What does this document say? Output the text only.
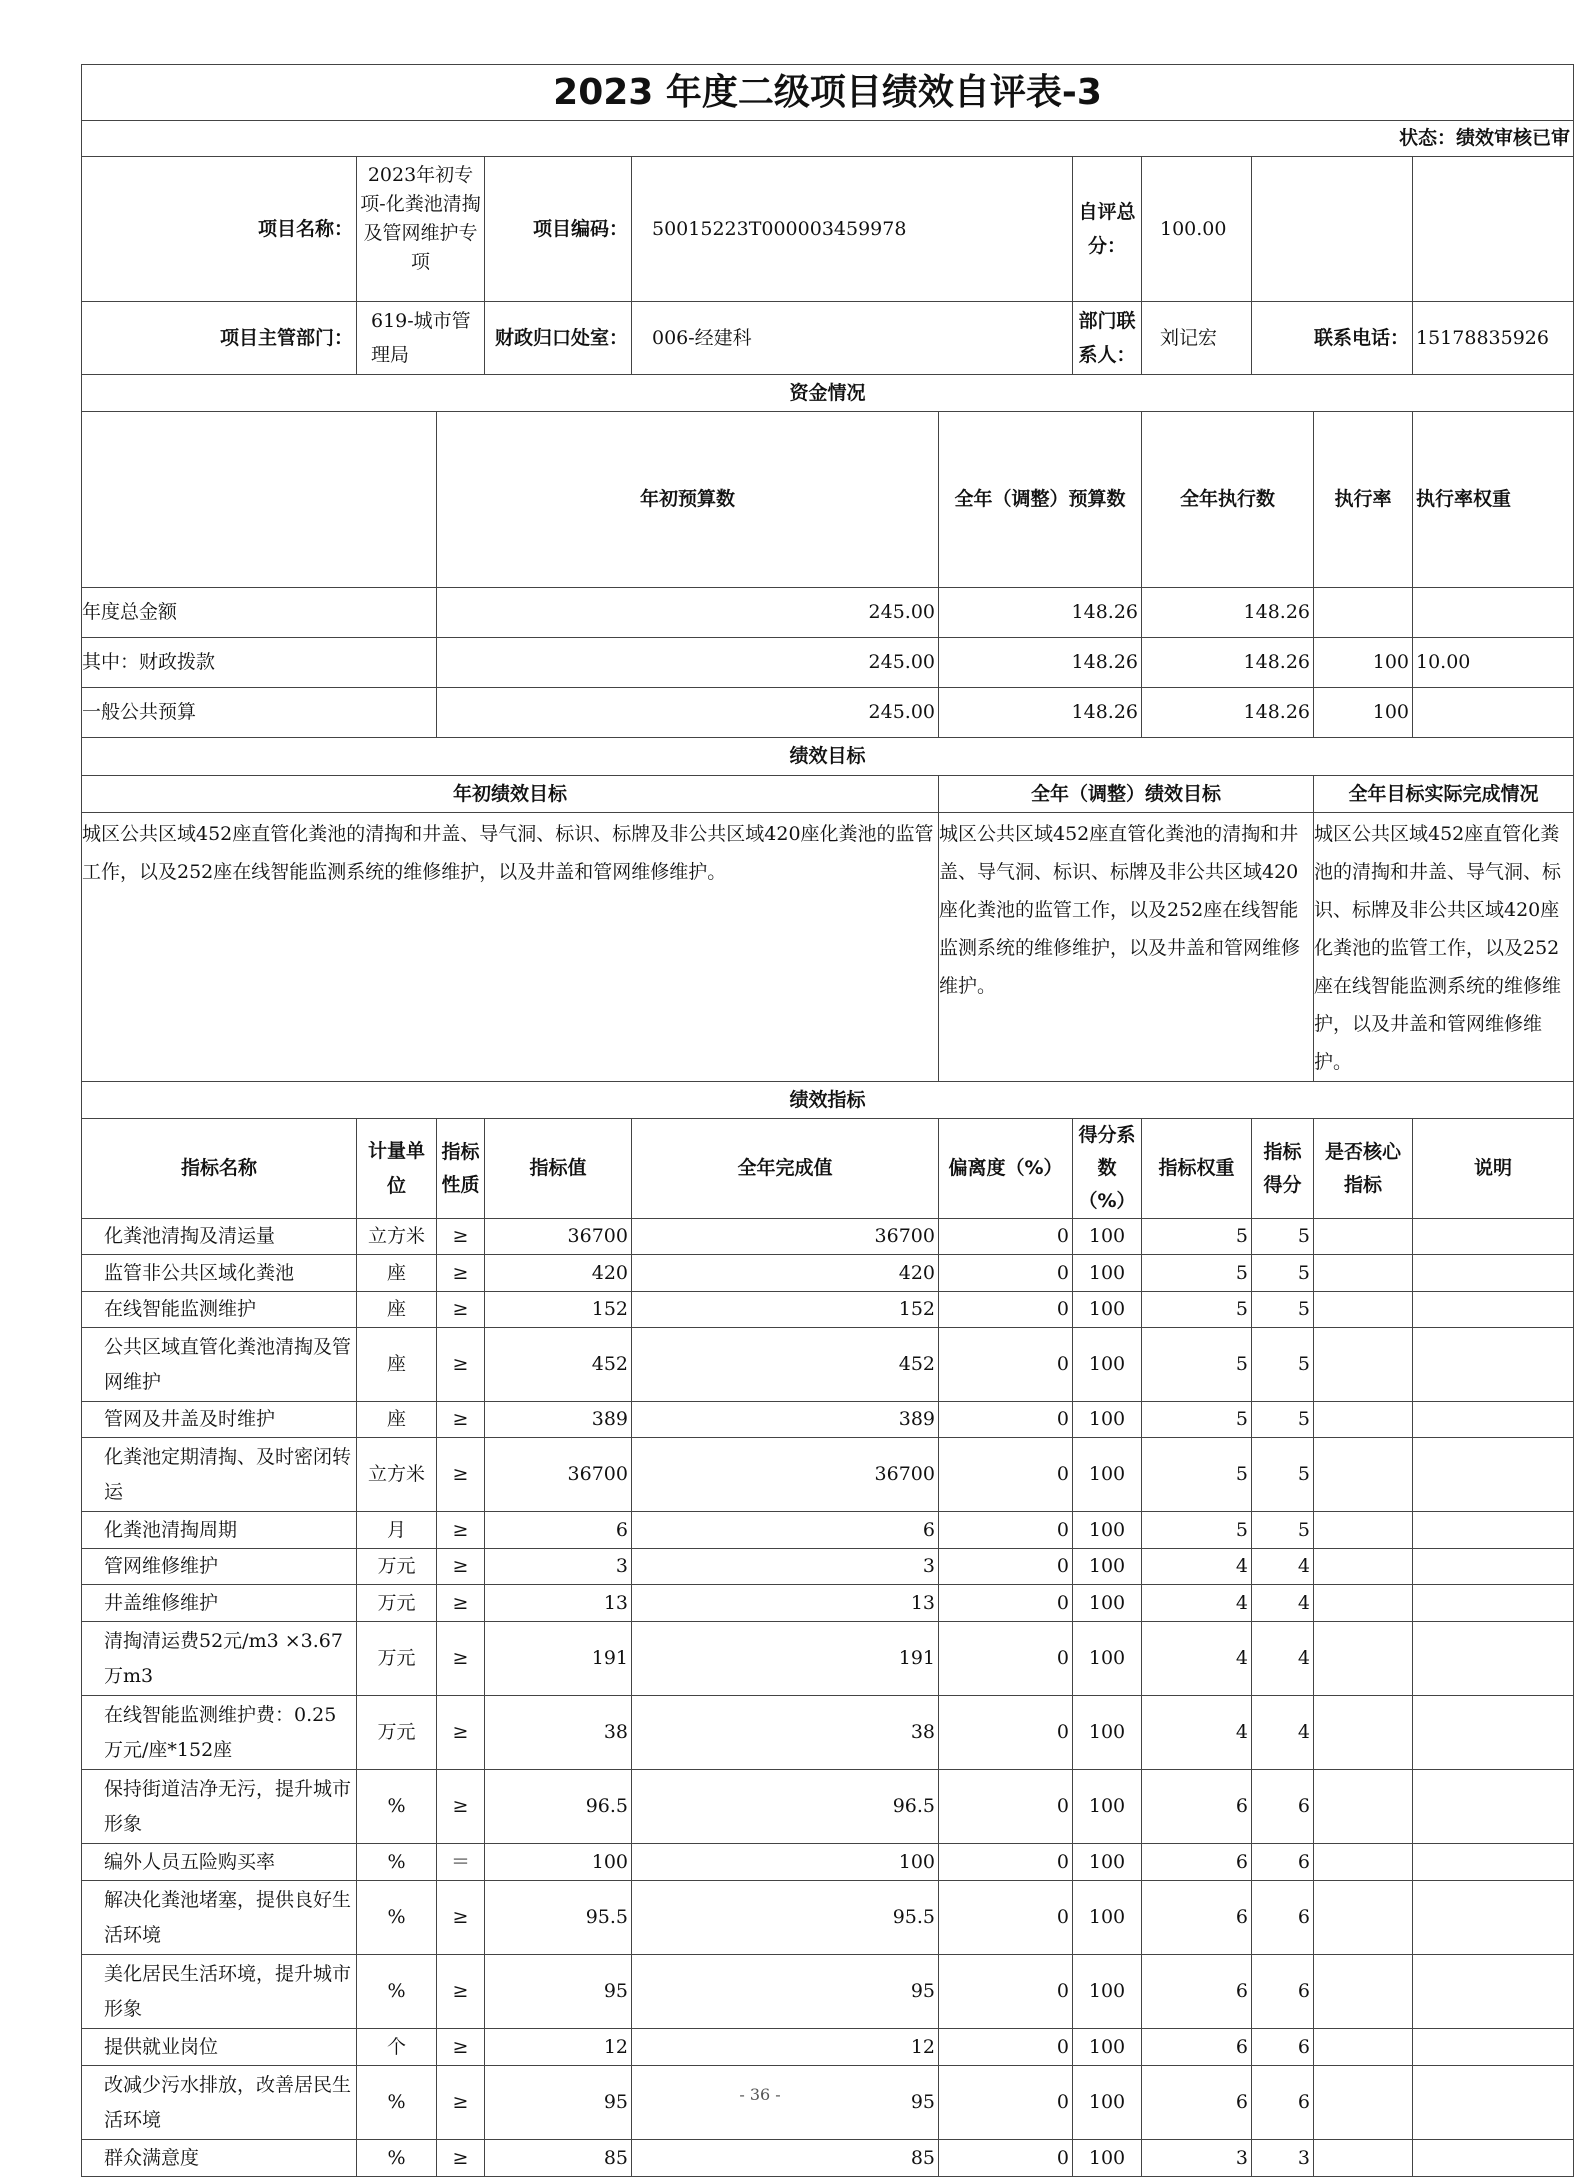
2023 年度二级项目绩效自评表-3											
状态：绩效审核已审											
项目名称：	2023年初专项-化粪池清掏及管网维护专项		项目编码：	50015223T000003459978		自评总分：	100.00				
项目主管部门：	619-城市管理局		财政归口处室：	006-经建科		部门联系人：	刘记宏	联系电话：		15178835926	
资金情况											
		年初预算数			全年（调整）预算数		全年执行数		执行率	执行率权重	
年度总金额		245.00			148.26		148.26				
其中：财政拨款		245.00			148.26		148.26		100	10.00	
一般公共预算		245.00			148.26		148.26		100		
绩效目标											
年初绩效目标					全年（调整）绩效目标				全年目标实际完成情况		
城区公共区域452座直管化粪池的清掏和井盖、导气洞、标识、标牌及非公共区域420座化粪池的监管工作，以及252座在线智能监测系统的维修维护，以及井盖和管网维修维护。					城区公共区域452座直管化粪池的清掏和井盖、导气洞、标识、标牌及非公共区域420座化粪池的监管工作，以及252座在线智能监测系统的维修维护，以及井盖和管网维修维护。				城区公共区域452座直管化粪池的清掏和井盖、导气洞、标识、标牌及非公共区域420座化粪池的监管工作，以及252座在线智能监测系统的维修维护，以及井盖和管网维修维护。		
绩效指标											
指标名称	计量单位	指标性质	指标值	全年完成值	偏离度（%）	得分系数（%）	指标权重	指标得分	是否核心指标	说明	
化粪池清掏及清运量	立方米	≥	36700	36700	0	100	5	5			
监管非公共区域化粪池	座	≥	420	420	0	100	5	5			
在线智能监测维护	座	≥	152	152	0	100	5	5			
公共区域直管化粪池清掏及管网维护	座	≥	452	452	0	100	5	5			
管网及井盖及时维护	座	≥	389	389	0	100	5	5			
化粪池定期清掏、及时密闭转运	立方米	≥	36700	36700	0	100	5	5			
化粪池清掏周期	月	≥	6	6	0	100	5	5			
管网维修维护	万元	≥	3	3	0	100	4	4			
井盖维修维护	万元	≥	13	13	0	100	4	4			
清掏清运费52元/m3 ×3.67万m3	万元	≥	191	191	0	100	4	4			
在线智能监测维护费：0.25万元/座*152座	万元	≥	38	38	0	100	4	4			
保持街道洁净无污，提升城市形象	%	≥	96.5	96.5	0	100	6	6			
编外人员五险购买率	%	＝	100	100	0	100	6	6			
解决化粪池堵塞，提供良好生活环境	%	≥	95.5	95.5	0	100	6	6			
美化居民生活环境，提升城市形象	%	≥	95	95	0	100	6	6			
提供就业岗位	个	≥	12	12	0	100	6	6			
改减少污水排放，改善居民生活环境	%	≥	95	95	0	100	6	6			
群众满意度	%	≥	85	85	0	100	3	3			
- 36 -
